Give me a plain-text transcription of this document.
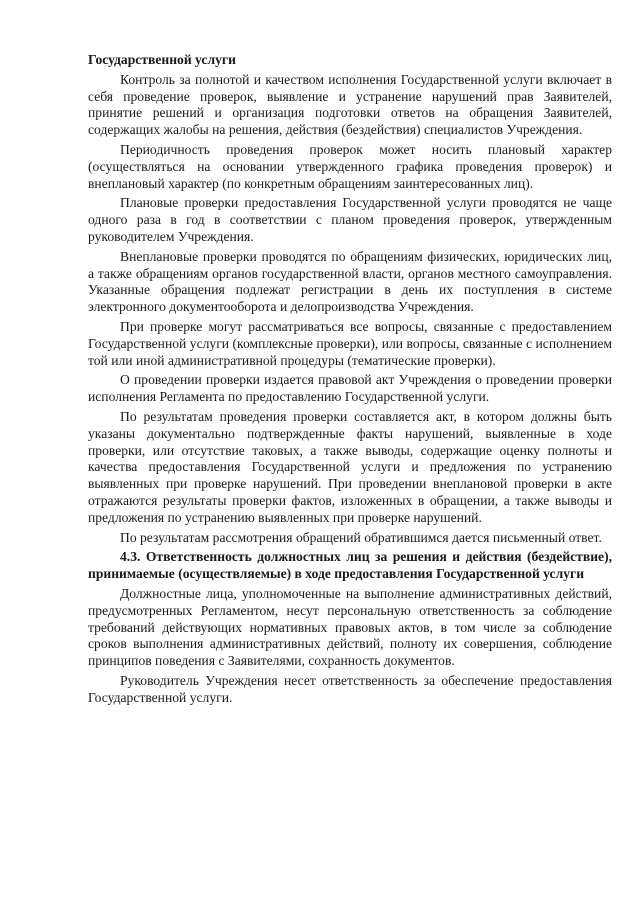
Государственной услуги

Контроль за полнотой и качеством исполнения Государственной услуги включает в себя проведение проверок, выявление и устранение нарушений прав Заявителей, принятие решений и организация подготовки ответов на обращения Заявителей, содержащих жалобы на решения, действия (бездействия) специалистов Учреждения.

Периодичность проведения проверок может носить плановый характер (осуществляться на основании утвержденного графика проведения проверок) и внеплановый характер (по конкретным обращениям заинтересованных лиц).

Плановые проверки предоставления Государственной услуги проводятся не чаще одного раза в год в соответствии с планом проведения проверок, утвержденным руководителем Учреждения.

Внеплановые проверки проводятся по обращениям физических, юридических лиц, а также обращениям органов государственной власти, органов местного самоуправления. Указанные обращения подлежат регистрации в день их поступления в системе электронного документооборота и делопроизводства Учреждения.

При проверке могут рассматриваться все вопросы, связанные с предоставлением Государственной услуги (комплексные проверки), или вопросы, связанные с исполнением той или иной административной процедуры (тематические проверки).

О проведении проверки издается правовой акт Учреждения о проведении проверки исполнения Регламента по предоставлению Государственной услуги.

По результатам проведения проверки составляется акт, в котором должны быть указаны документально подтвержденные факты нарушений, выявленные в ходе проверки, или отсутствие таковых, а также выводы, содержащие оценку полноты и качества предоставления Государственной услуги и предложения по устранению выявленных при проверке нарушений. При проведении внеплановой проверки в акте отражаются результаты проверки фактов, изложенных в обращении, а также выводы и предложения по устранению выявленных при проверке нарушений.

По результатам рассмотрения обращений обратившимся дается письменный ответ.

4.3. Ответственность должностных лиц за решения и действия (бездействие), принимаемые (осуществляемые) в ходе предоставления Государственной услуги

Должностные лица, уполномоченные на выполнение административных действий, предусмотренных Регламентом, несут персональную ответственность за соблюдение требований действующих нормативных правовых актов, в том числе за соблюдение сроков выполнения административных действий, полноту их совершения, соблюдение принципов поведения с Заявителями, сохранность документов.

Руководитель Учреждения несет ответственность за обеспечение предоставления Государственной услуги.
